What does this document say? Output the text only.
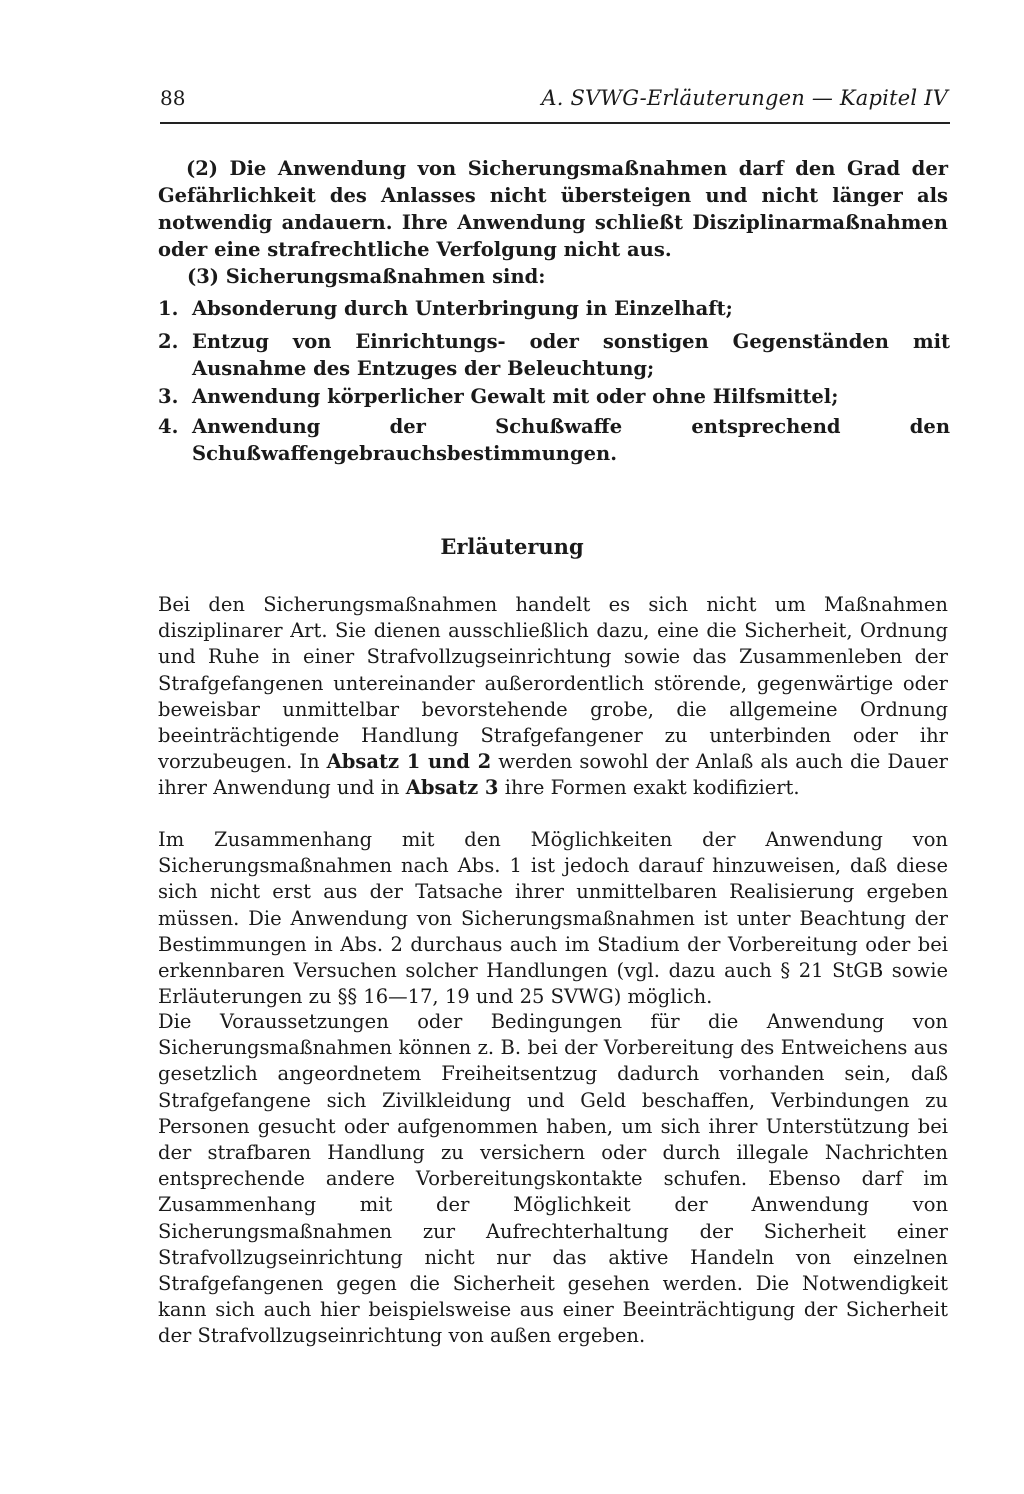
88	A. SVWG-Erläuterungen — Kapitel IV
(2) Die Anwendung von Sicherungsmaßnahmen darf den Grad der Gefährlichkeit des Anlasses nicht übersteigen und nicht länger als notwendig andauern. Ihre Anwendung schließt Disziplinarmaßnahmen oder eine strafrechtliche Verfolgung nicht aus.
(3) Sicherungsmaßnahmen sind:
1. Absonderung durch Unterbringung in Einzelhaft;
2. Entzug von Einrichtungs- oder sonstigen Gegenständen mit Ausnahme des Entzuges der Beleuchtung;
3. Anwendung körperlicher Gewalt mit oder ohne Hilfsmittel;
4. Anwendung der Schußwaffe entsprechend den Schußwaffengebrauchsbestimmungen.
Erläuterung
Bei den Sicherungsmaßnahmen handelt es sich nicht um Maßnahmen disziplinarer Art. Sie dienen ausschließlich dazu, eine die Sicherheit, Ordnung und Ruhe in einer Strafvollzugseinrichtung sowie das Zusammenleben der Strafgefangenen untereinander außerordentlich störende, gegenwärtige oder beweisbar unmittelbar bevorstehende grobe, die allgemeine Ordnung beeinträchtigende Handlung Strafgefangener zu unterbinden oder ihr vorzubeugen. In Absatz 1 und 2 werden sowohl der Anlaß als auch die Dauer ihrer Anwendung und in Absatz 3 ihre Formen exakt kodifiziert.
Im Zusammenhang mit den Möglichkeiten der Anwendung von Sicherungsmaßnahmen nach Abs. 1 ist jedoch darauf hinzuweisen, daß diese sich nicht erst aus der Tatsache ihrer unmittelbaren Realisierung ergeben müssen. Die Anwendung von Sicherungsmaßnahmen ist unter Beachtung der Bestimmungen in Abs. 2 durchaus auch im Stadium der Vorbereitung oder bei erkennbaren Versuchen solcher Handlungen (vgl. dazu auch § 21 StGB sowie Erläuterungen zu §§ 16—17, 19 und 25 SVWG) möglich.
Die Voraussetzungen oder Bedingungen für die Anwendung von Sicherungsmaßnahmen können z. B. bei der Vorbereitung des Entweichens aus gesetzlich angeordnetem Freiheitsentzug dadurch vorhanden sein, daß Strafgefangene sich Zivilkleidung und Geld beschaffen, Verbindungen zu Personen gesucht oder aufgenommen haben, um sich ihrer Unterstützung bei der strafbaren Handlung zu versichern oder durch illegale Nachrichten entsprechende andere Vorbereitungskontakte schufen. Ebenso darf im Zusammenhang mit der Möglichkeit der Anwendung von Sicherungsmaßnahmen zur Aufrechterhaltung der Sicherheit einer Strafvollzugseinrichtung nicht nur das aktive Handeln von einzelnen Strafgefangenen gegen die Sicherheit gesehen werden. Die Notwendigkeit kann sich auch hier beispielsweise aus einer Beeinträchtigung der Sicherheit der Strafvollzugseinrichtung von außen ergeben.
